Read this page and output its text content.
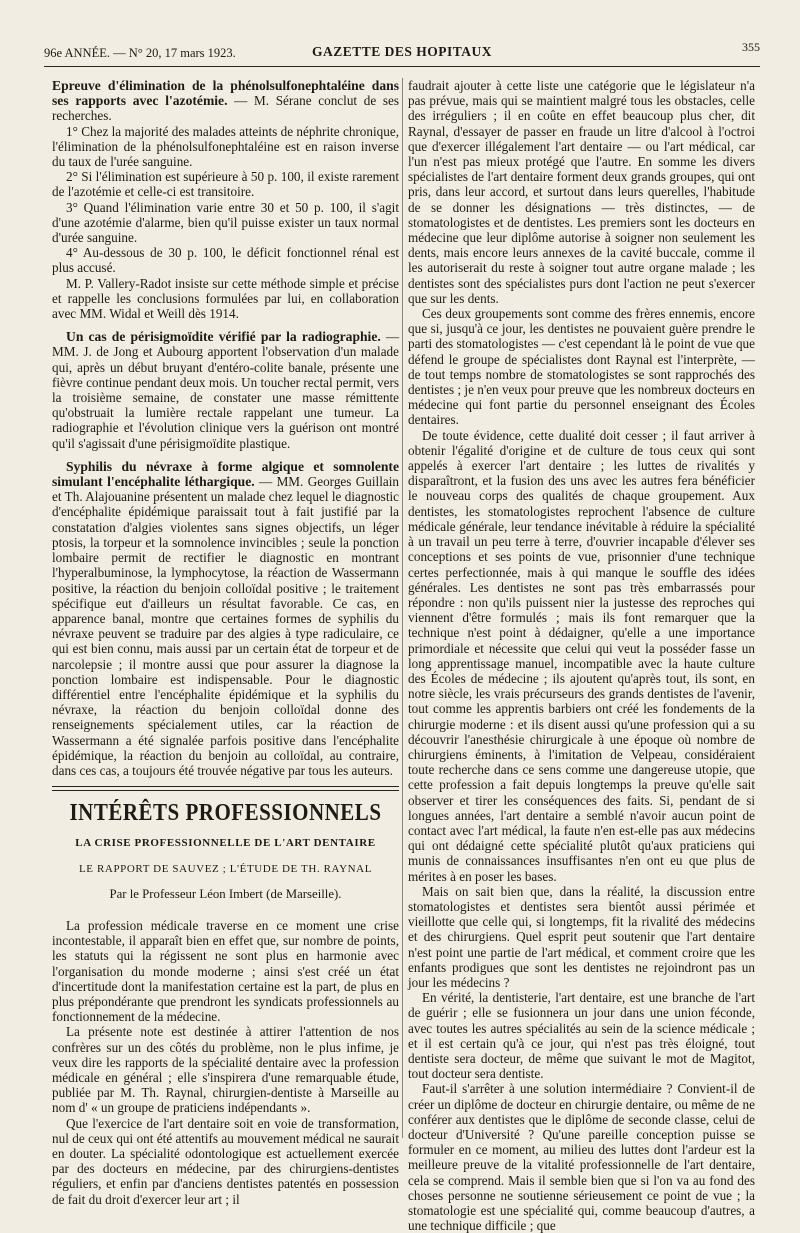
96e ANNÉE. — N° 20, 17 mars 1923.	GAZETTE DES HOPITAUX	355

Epreuve d'élimination de la phénolsulfonephtaléine dans ses rapports avec l'azotémie. — M. Sérane conclut de ses recherches.

1° Chez la majorité des malades atteints de néphrite chronique, l'élimination de la phénolsulfonephtaléine est en raison inverse du taux de l'urée sanguine.

2° Si l'élimination est supérieure à 50 p. 100, il existe rarement de l'azotémie et celle-ci est transitoire.

3° Quand l'élimination varie entre 30 et 50 p. 100, il s'agit d'une azotémie d'alarme, bien qu'il puisse exister un taux normal d'urée sanguine.

4° Au-dessous de 30 p. 100, le déficit fonctionnel rénal est plus accusé.

M. P. Vallery-Radot insiste sur cette méthode simple et précise et rappelle les conclusions formulées par lui, en collaboration avec MM. Widal et Weill dès 1914.

Un cas de périsigmoïdite vérifié par la radiographie. — MM. J. de Jong et Aubourg apportent l'observation d'un malade qui, après un début bruyant d'entéro-colite banale, présente une fièvre continue pendant deux mois. Un toucher rectal permit, vers la troisième semaine, de constater une masse rémittente qu'obstruait la lumière rectale rappelant une tumeur. La radiographie et l'évolution clinique vers la guérison ont montré qu'il s'agissait d'une périsigmoïdite plastique.

Syphilis du névraxe à forme algique et somnolente simulant l'encéphalite léthargique. — MM. Georges Guillain et Th. Alajouanine présentent un malade chez lequel le diagnostic d'encéphalite épidémique paraissait tout à fait justifié par la constatation d'algies violentes sans signes objectifs, un léger ptosis, la torpeur et la somnolence invincibles ; seule la ponction lombaire permit de rectifier le diagnostic en montrant l'hyperalbuminose, la lymphocytose, la réaction de Wassermann positive, la réaction du benjoin colloïdal positive ; le traitement spécifique eut d'ailleurs un résultat favorable. Ce cas, en apparence banal, montre que certaines formes de syphilis du névraxe peuvent se traduire par des algies à type radiculaire, ce qui est bien connu, mais aussi par un certain état de torpeur et de narcolepsie ; il montre aussi que pour assurer la diagnose la ponction lombaire est indispensable. Pour le diagnostic différentiel entre l'encéphalite épidémique et la syphilis du névraxe, la réaction du benjoin colloïdal donne des renseignements spécialement utiles, car la réaction de Wassermann a été signalée parfois positive dans l'encéphalite épidémique, la réaction du benjoin au colloïdal, au contraire, dans ces cas, a toujours été trouvée négative par tous les auteurs.

INTÉRÊTS PROFESSIONNELS
LA CRISE PROFESSIONNELLE DE L'ART DENTAIRE
LE RAPPORT DE SAUVEZ ; L'ÉTUDE DE TH. RAYNAL
Par le Professeur Léon Imbert (de Marseille).

La profession médicale traverse en ce moment une crise incontestable, il apparaît bien en effet que, sur nombre de points, les statuts qui la régissent ne sont plus en harmonie avec l'organisation du monde moderne ; ainsi s'est créé un état d'incertitude dont la manifestation certaine est la part, de plus en plus prépondérante que prendront les syndicats professionnels au fonctionnement de la médecine.

La présente note est destinée à attirer l'attention de nos confrères sur un des côtés du problème, non le plus infime, je veux dire les rapports de la spécialité dentaire avec la profession médicale en général ; elle s'inspirera d'une remarquable étude, publiée par M. Th. Raynal, chirurgien-dentiste à Marseille au nom d' « un groupe de praticiens indépendants ».

Que l'exercice de l'art dentaire soit en voie de transformation, nul de ceux qui ont été attentifs au mouvement médical ne saurait en douter. La spécialité odontologique est actuellement exercée par des docteurs en médecine, par des chirurgiens-dentistes réguliers, et enfin par d'anciens dentistes patentés en possession de fait du droit d'exercer leur art ; il

faudrait ajouter à cette liste une catégorie que le législateur n'a pas prévue, mais qui se maintient malgré tous les obstacles, celle des irréguliers ; il en coûte en effet beaucoup plus cher, dit Raynal, d'essayer de passer en fraude un litre d'alcool à l'octroi que d'exercer illégalement l'art dentaire — ou l'art médical, car l'un n'est pas mieux protégé que l'autre. En somme les divers spécialistes de l'art dentaire forment deux grands groupes, qui ont pris, dans leur accord, et surtout dans leurs querelles, l'habitude de se donner les désignations — très distinctes, — de stomatologistes et de dentistes. Les premiers sont les docteurs en médecine que leur diplôme autorise à soigner non seulement les dents, mais encore leurs annexes de la cavité buccale, comme il les autoriserait du reste à soigner tout autre organe malade ; les dentistes sont des spécialistes purs dont l'action ne peut s'exercer que sur les dents.

Ces deux groupements sont comme des frères ennemis, encore que si, jusqu'à ce jour, les dentistes ne pouvaient guère prendre le parti des stomatologistes — c'est cependant là le point de vue que défend le groupe de spécialistes dont Raynal est l'interprète, — de tout temps nombre de stomatologistes se sont rapprochés des dentistes ; je n'en veux pour preuve que les nombreux docteurs en médecine qui font partie du personnel enseignant des Écoles dentaires.

De toute évidence, cette dualité doit cesser ; il faut arriver à obtenir l'égalité d'origine et de culture de tous ceux qui sont appelés à exercer l'art dentaire ; les luttes de rivalités y disparaîtront, et la fusion des uns avec les autres fera bénéficier le nouveau corps des qualités de chaque groupement. Aux dentistes, les stomatologistes reprochent l'absence de culture médicale générale, leur tendance inévitable à réduire la spécialité à un travail un peu terre à terre, d'ouvrier incapable d'élever ses conceptions et ses points de vue, prisonnier d'une technique certes perfectionnée, mais à qui manque le souffle des idées générales. Les dentistes ne sont pas très embarrassés pour répondre : non qu'ils puissent nier la justesse des reproches qui viennent d'être formulés ; mais ils font remarquer que la technique n'est point à dédaigner, qu'elle a une importance primordiale et nécessite que celui qui veut la posséder fasse un long apprentissage manuel, incompatible avec la haute culture des Écoles de médecine ; ils ajoutent qu'après tout, ils sont, en notre siècle, les vrais précurseurs des grands dentistes de l'avenir, tout comme les apprentis barbiers ont créé les fondements de la chirurgie moderne : et ils disent aussi qu'une profession qui a su découvrir l'anesthésie chirurgicale à une époque où nombre de chirurgiens éminents, à l'imitation de Velpeau, considéraient toute recherche dans ce sens comme une dangereuse utopie, que cette profession a fait depuis longtemps la preuve qu'elle sait observer et tirer les conséquences des faits. Si, pendant de si longues années, l'art dentaire a semblé n'avoir aucun point de contact avec l'art médical, la faute n'en est-elle pas aux médecins qui ont dédaigné cette spécialité plutôt qu'aux praticiens qui munis de connaissances insuffisantes n'en ont eu que plus de mérites à en poser les bases.

Mais on sait bien que, dans la réalité, la discussion entre stomatologistes et dentistes sera bientôt aussi périmée et vieillotte que celle qui, si longtemps, fit la rivalité des médecins et des chirurgiens. Quel esprit peut soutenir que l'art dentaire n'est point une partie de l'art médical, et comment croire que les enfants prodigues que sont les dentistes ne rejoindront pas un jour les médecins ?

En vérité, la dentisterie, l'art dentaire, est une branche de l'art de guérir ; elle se fusionnera un jour dans une union féconde, avec toutes les autres spécialités au sein de la science médicale ; et il est certain qu'à ce jour, qui n'est pas très éloigné, tout dentiste sera docteur, de même que suivant le mot de Magitot, tout docteur sera dentiste.

Faut-il s'arrêter à une solution intermédiaire ? Convient-il de créer un diplôme de docteur en chirurgie dentaire, ou même de ne conférer aux dentistes que le diplôme de seconde classe, celui de docteur d'Université ? Qu'une pareille conception puisse se formuler en ce moment, au milieu des luttes dont l'ardeur est la meilleure preuve de la vitalité professionnelle de l'art dentaire, cela se comprend. Mais il semble bien que si l'on va au fond des choses personne ne soutienne sérieusement ce point de vue ; la stomatologie est une spécialité qui, comme beaucoup d'autres, a une technique difficile ; que
